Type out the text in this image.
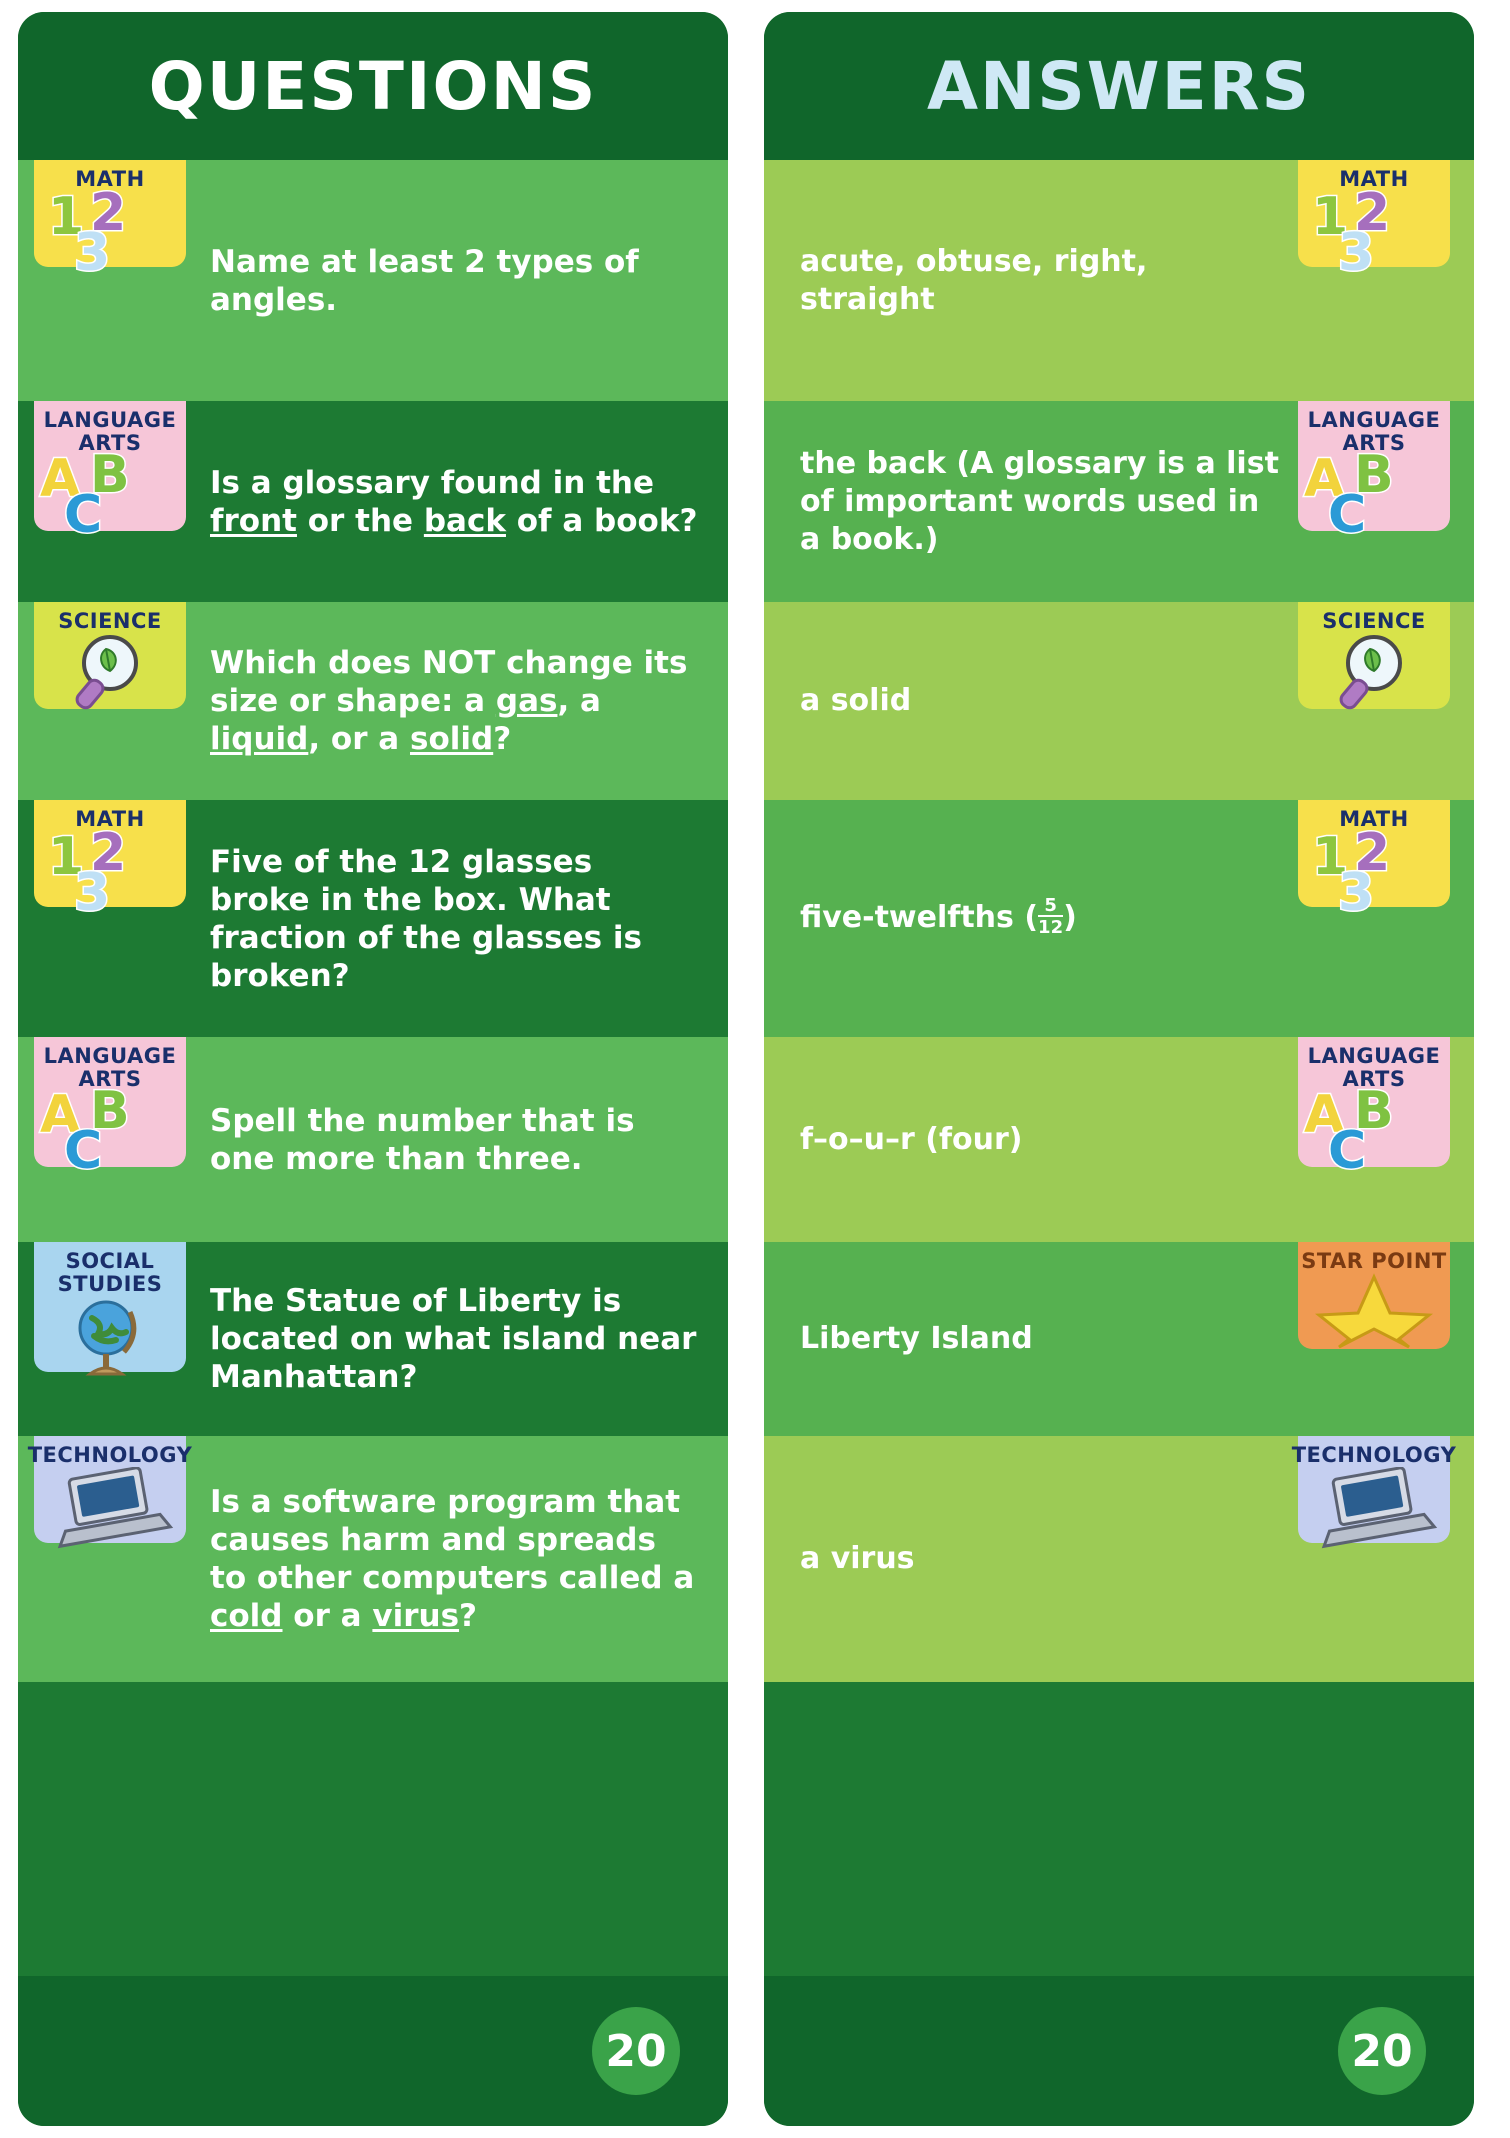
QUESTIONS
MATH
1 2
3	Name at least 2 types of angles.
LANGUAGE ARTS
A B
C
Is a glossary found in the front or the back of a book?
SCIENCE
Which does NOT change its size or shape: a gas, a liquid, or a solid?
MATH
1 2
3
Five of the 12 glasses broke in the box. What fraction of the glasses is broken?
LANGUAGE ARTS
A B
C
Spell the number that is one more than three.
SOCIAL STUDIES	The Statue of Liberty is located on what island near Manhattan?
TECHNOLOGY
Is a software program that causes harm and spreads to other computers called a cold or a virus?
20
ANSWERS
acute, obtuse, right, straight
MATH
1 2
3
the back (A glossary is a list of important words used in a book.)
LANGUAGE ARTS
A B
C
a solid
SCIENCE
five-twelfths ( $\frac{5}{12}$ )
MATH
1 2
3
f–o–u–r (four)
LANGUAGE ARTS
A B
C
Liberty Island
STAR POINT
a virus
TECHNOLOGY
20
